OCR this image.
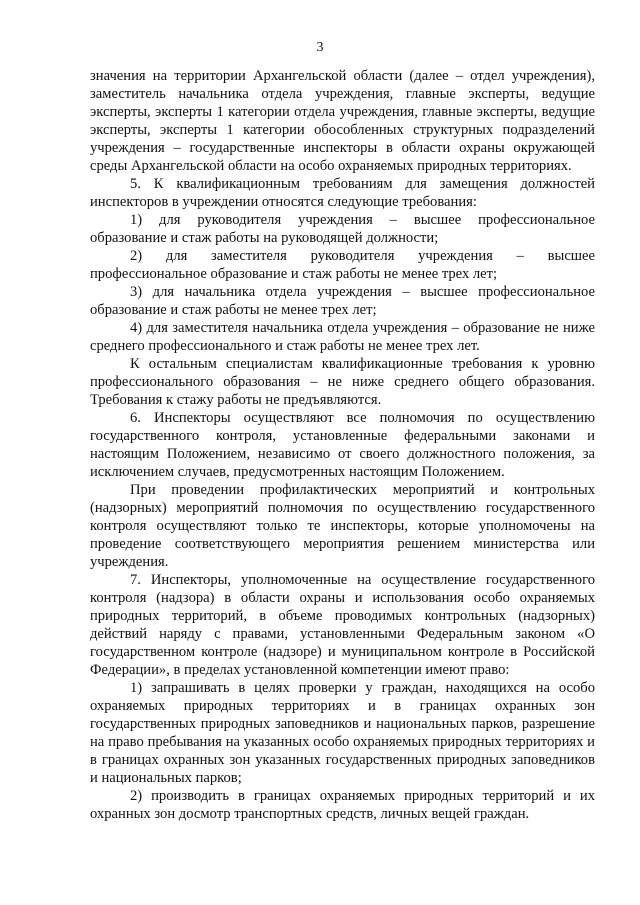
3

значения на территории Архангельской области (далее – отдел учреждения), заместитель начальника отдела учреждения, главные эксперты, ведущие эксперты, эксперты 1 категории отдела учреждения, главные эксперты, ведущие эксперты, эксперты 1 категории обособленных структурных подразделений учреждения – государственные инспекторы в области охраны окружающей среды Архангельской области на особо охраняемых природных территориях.

5. К квалификационным требованиям для замещения должностей инспекторов в учреждении относятся следующие требования:

1) для руководителя учреждения – высшее профессиональное образование и стаж работы на руководящей должности;

2) для заместителя руководителя учреждения – высшее профессиональное образование и стаж работы не менее трех лет;

3) для начальника отдела учреждения – высшее профессиональное образование и стаж работы не менее трех лет;

4) для заместителя начальника отдела учреждения – образование не ниже среднего профессионального и стаж работы не менее трех лет.

К остальным специалистам квалификационные требования к уровню профессионального образования – не ниже среднего общего образования. Требования к стажу работы не предъявляются.

6. Инспекторы осуществляют все полномочия по осуществлению государственного контроля, установленные федеральными законами и настоящим Положением, независимо от своего должностного положения, за исключением случаев, предусмотренных настоящим Положением.

При проведении профилактических мероприятий и контрольных (надзорных) мероприятий полномочия по осуществлению государственного контроля осуществляют только те инспекторы, которые уполномочены на проведение соответствующего мероприятия решением министерства или учреждения.

7. Инспекторы, уполномоченные на осуществление государственного контроля (надзора) в области охраны и использования особо охраняемых природных территорий, в объеме проводимых контрольных (надзорных) действий наряду с правами, установленными Федеральным законом «О государственном контроле (надзоре) и муниципальном контроле в Российской Федерации», в пределах установленной компетенции имеют право:

1) запрашивать в целях проверки у граждан, находящихся на особо охраняемых природных территориях и в границах охранных зон государственных природных заповедников и национальных парков, разрешение на право пребывания на указанных особо охраняемых природных территориях и в границах охранных зон указанных государственных природных заповедников и национальных парков;

2) производить в границах охраняемых природных территорий и их охранных зон досмотр транспортных средств, личных вещей граждан.
